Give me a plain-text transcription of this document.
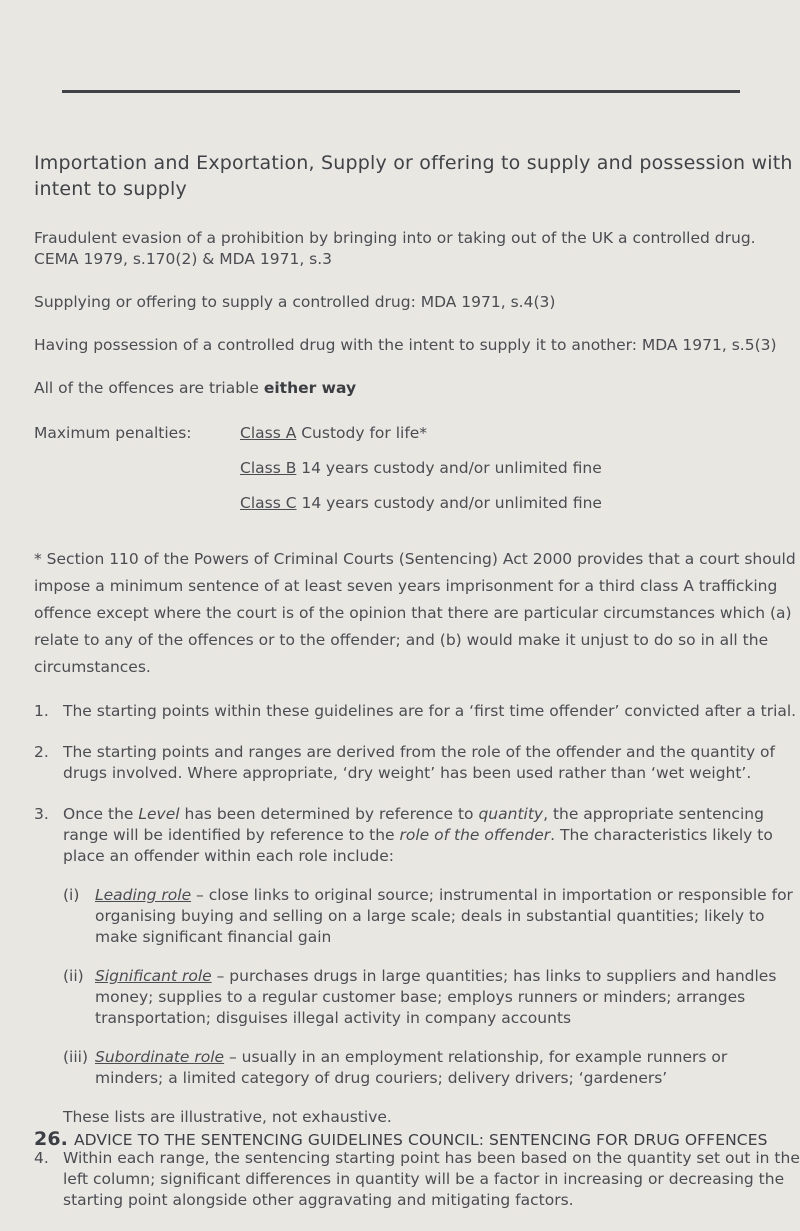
Importation and Exportation, Supply or offering to supply and possession with intent to supply

Fraudulent evasion of a prohibition by bringing into or taking out of the UK a controlled drug.

CEMA 1979, s.170(2) & MDA 1971, s.3

Supplying or offering to supply a controlled drug: MDA 1971, s.4(3)

Having possession of a controlled drug with the intent to supply it to another: MDA 1971, s.5(3)

All of the offences are triable either way

Maximum penalties:	Class A Custody for life*
Class B 14 years custody and/or unlimited fine
Class C 14 years custody and/or unlimited fine

* Section 110 of the Powers of Criminal Courts (Sentencing) Act 2000 provides that a court should impose a minimum sentence of at least seven years imprisonment for a third class A trafficking offence except where the court is of the opinion that there are particular circumstances which (a) relate to any of the offences or to the offender; and (b) would make it unjust to do so in all the circumstances.

1. The starting points within these guidelines are for a ‘first time offender’ convicted after a trial.
2. The starting points and ranges are derived from the role of the offender and the quantity of drugs involved. Where appropriate, ‘dry weight’ has been used rather than ‘wet weight’.
3. Once the Level has been determined by reference to quantity, the appropriate sentencing range will be identified by reference to the role of the offender. The characteristics likely to place an offender within each role include:
(i)	Leading role – close links to original source; instrumental in importation or responsible for organising buying and selling on a large scale; deals in substantial quantities; likely to make significant financial gain
(ii) Significant role – purchases drugs in large quantities; has links to suppliers and handles money; supplies to a regular customer base; employs runners or minders; arranges transportation; disguises illegal activity in company accounts
(iii) Subordinate role – usually in an employment relationship, for example runners or minders; a limited category of drug couriers; delivery drivers; ‘gardeners’
These lists are illustrative, not exhaustive.
4. Within each range, the sentencing starting point has been based on the quantity set out in the left column; significant differences in quantity will be a factor in increasing or decreasing the starting point alongside other aggravating and mitigating factors.
26. ADVICE TO THE SENTENCING GUIDELINES COUNCIL: SENTENCING FOR DRUG OFFENCES
